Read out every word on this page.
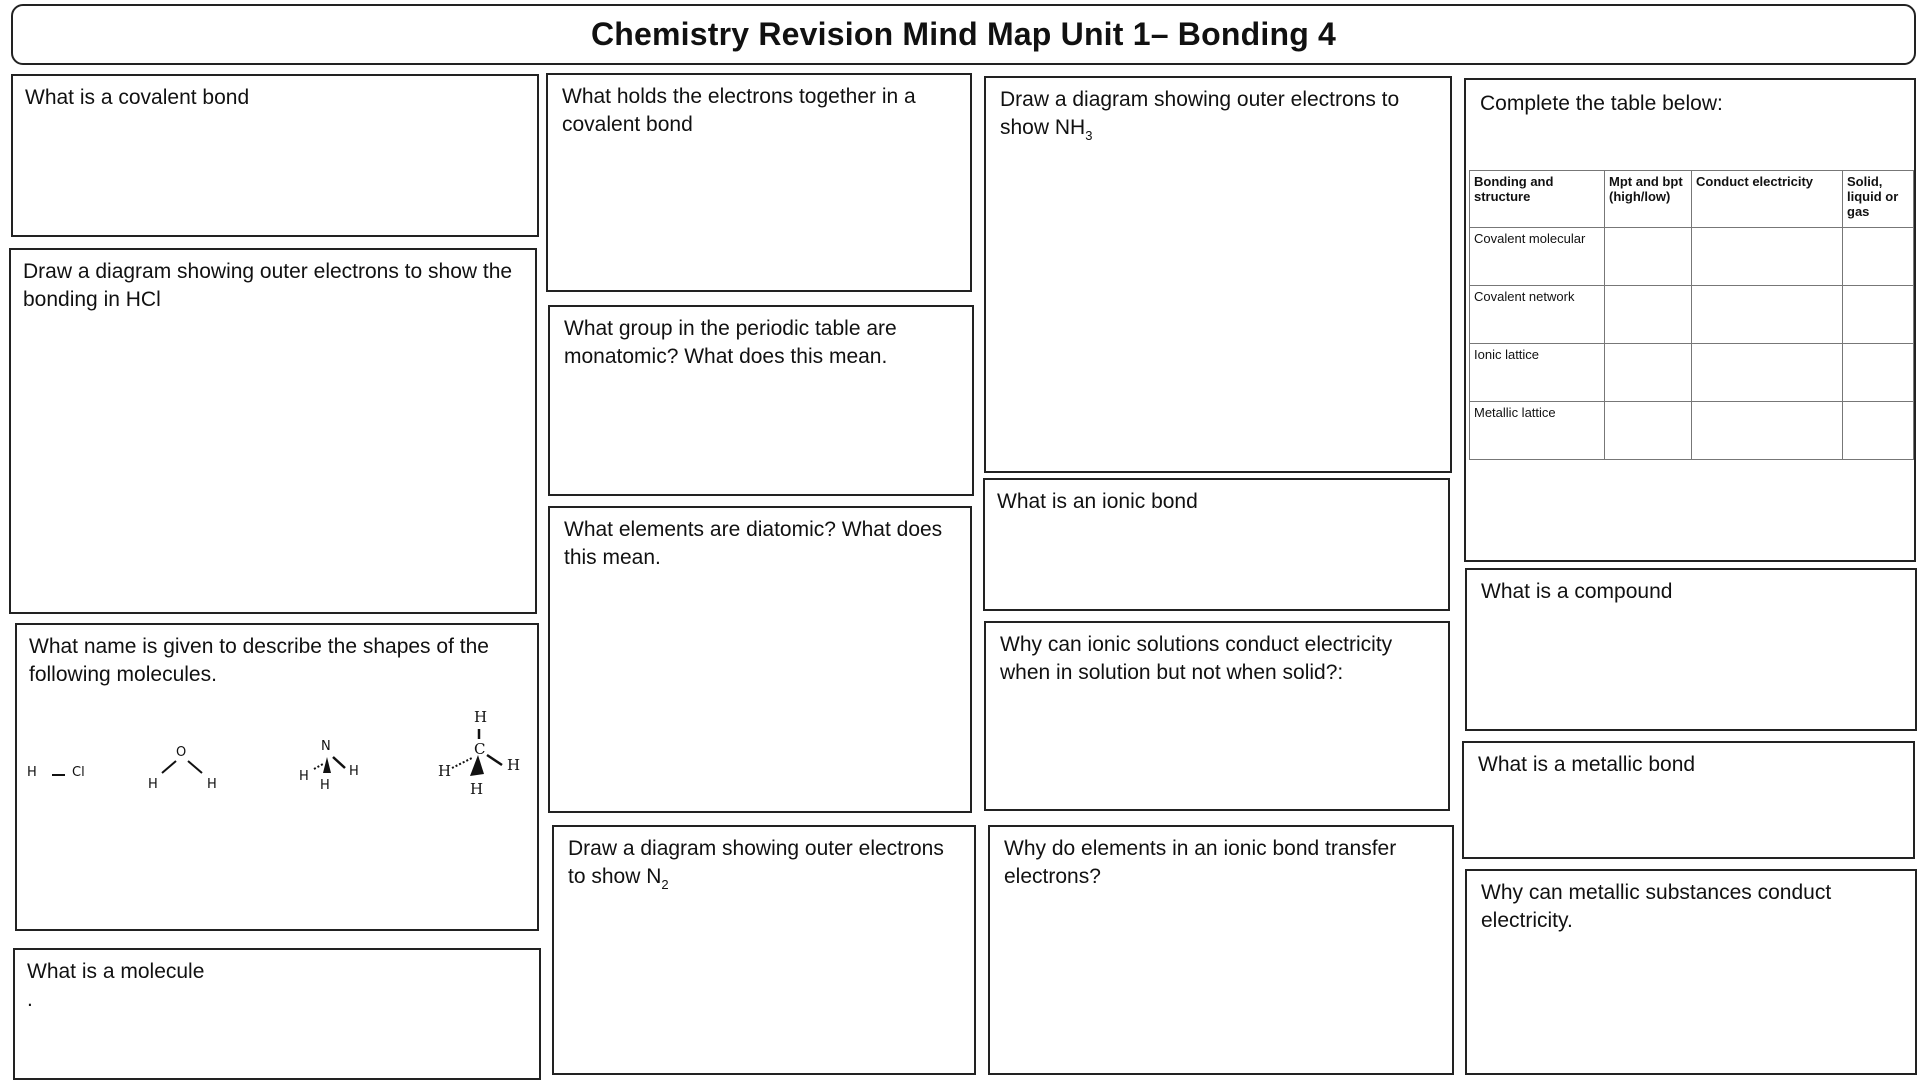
Chemistry Revision Mind Map Unit 1– Bonding 4
What is a covalent bond
Draw a diagram showing outer electrons to show the bonding in HCl
What name is given to describe the shapes of the following molecules.
H	Cl
O
H	H
N
H	H
H
H
C
H	H
H
What is a molecule
.
What holds the electrons together in a covalent bond
What group in the periodic table are monatomic? What does this mean.
What elements are diatomic? What does this mean.
Draw a diagram showing outer electrons to show $N_2$
Draw a diagram showing outer electrons to show $NH_3$
What is an ionic bond
Why can ionic solutions conduct electricity when in solution but not when solid?:
Why do elements in an ionic bond transfer electrons?
Complete the table below:
Bonding and structure	Mpt and bpt (high/low)	Conduct electricity	Solid, liquid or gas
Covalent molecular			
Covalent network			
Ionic lattice			
Metallic lattice			
What is a compound
What is a metallic bond
Why can metallic substances conduct electricity.
